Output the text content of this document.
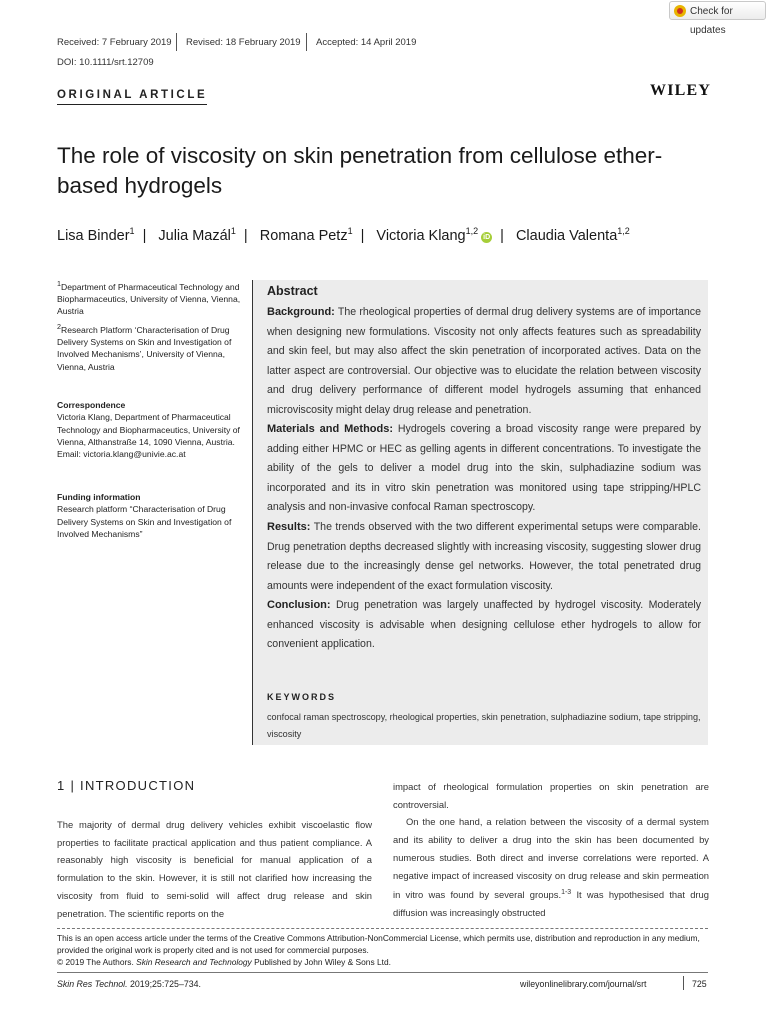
Check for updates
Received: 7 February 2019 Revised: 18 February 2019 Accepted: 14 April 2019
DOI: 10.1111/srt.12709
ORIGINAL ARTICLE	WILEY
The role of viscosity on skin penetration from cellulose ether-based hydrogels
Lisa Binder$^1$ | Julia Mazál$^1$ | Romana Petz$^1$ | Victoria Klang$^{1,2}$iD | Claudia Valenta$^{1,2}$
$^1$Department of Pharmaceutical Technology and Biopharmaceutics, University of Vienna, Vienna, Austria
$^2$Research Platform ‘Characterisation of Drug Delivery Systems on Skin and Investigation of Involved Mechanisms’, University of Vienna, Vienna, Austria
Correspondence
Victoria Klang, Department of Pharmaceutical Technology and Biopharmaceutics, University of Vienna, Althanstraße 14, 1090 Vienna, Austria.
Email: victoria.klang@univie.ac.at
Funding information
Research platform “Characterisation of Drug Delivery Systems on Skin and Investigation of Involved Mechanisms”
Abstract
Background: The rheological properties of dermal drug delivery systems are of importance when designing new formulations. Viscosity not only affects features such as spreadability and skin feel, but may also affect the skin penetration of incorporated actives. Data on the latter aspect are controversial. Our objective was to elucidate the relation between viscosity and drug delivery performance of different model hydrogels assuming that enhanced microviscosity might delay drug release and penetration.
Materials and Methods: Hydrogels covering a broad viscosity range were prepared by adding either HPMC or HEC as gelling agents in different concentrations. To investigate the ability of the gels to deliver a model drug into the skin, sulphadiazine sodium was incorporated and its in vitro skin penetration was monitored using tape stripping/HPLC analysis and non-invasive confocal Raman spectroscopy.
Results: The trends observed with the two different experimental setups were comparable. Drug penetration depths decreased slightly with increasing viscosity, suggesting slower drug release due to the increasingly dense gel networks. However, the total penetrated drug amounts were independent of the exact formulation viscosity.
Conclusion: Drug penetration was largely unaffected by hydrogel viscosity. Moderately enhanced viscosity is advisable when designing cellulose ether hydrogels to allow for convenient application.
KEYWORDS
confocal raman spectroscopy, rheological properties, skin penetration, sulphadiazine sodium, tape stripping, viscosity
1 | INTRODUCTION
The majority of dermal drug delivery vehicles exhibit viscoelastic flow properties to facilitate practical application and thus patient compliance. A reasonably high viscosity is beneficial for manual application of a formulation to the skin. However, it is still not clarified how increasing the viscosity from fluid to semi-solid will affect drug release and skin penetration. The scientific reports on the
impact of rheological formulation properties on skin penetration are controversial.
On the one hand, a relation between the viscosity of a dermal system and its ability to deliver a drug into the skin has been documented by numerous studies. Both direct and inverse correlations were reported. A negative impact of increased viscosity on drug release and skin permeation in vitro was found by several groups.$^{1-3}$ It was hypothesised that drug diffusion was increasingly obstructed
This is an open access article under the terms of the Creative Commons Attribution-NonCommercial License, which permits use, distribution and reproduction in any medium, provided the original work is properly cited and is not used for commercial purposes.
© 2019 The Authors. Skin Research and Technology Published by John Wiley & Sons Ltd.
Skin Res Technol. 2019;25:725–734.	wileyonlinelibrary.com/journal/srt	725
